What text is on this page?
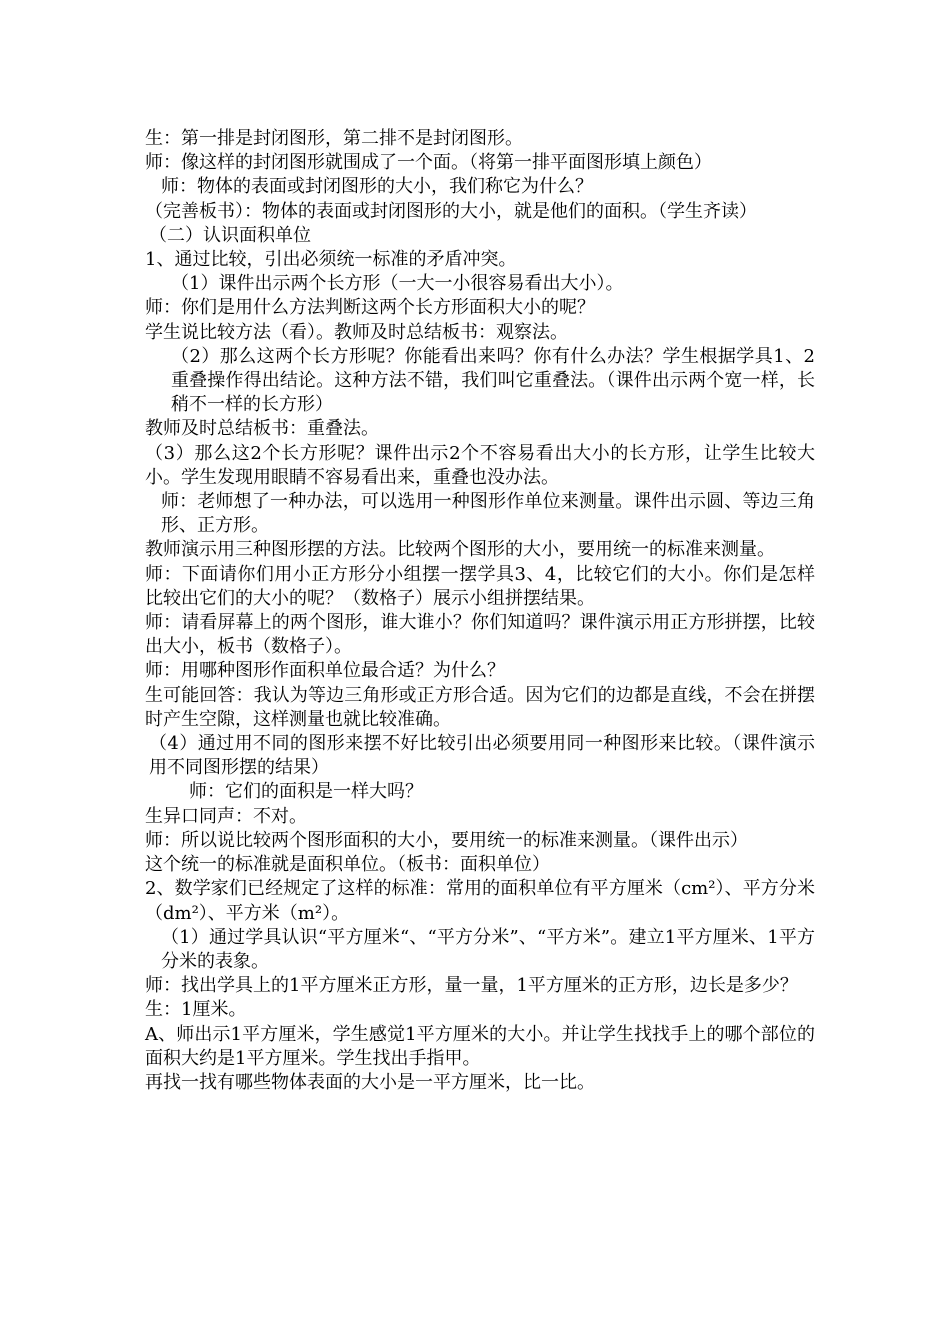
生：第一排是封闭图形，第二排不是封闭图形。

师：像这样的封闭图形就围成了一个面。（将第一排平面图形填上颜色）

师：物体的表面或封闭图形的大小，我们称它为什么？

（完善板书）：物体的表面或封闭图形的大小，就是他们的面积。（学生齐读）

（二）认识面积单位

1、通过比较，引出必须统一标准的矛盾冲突。

（1）课件出示两个长方形（一大一小很容易看出大小）。

师：你们是用什么方法判断这两个长方形面积大小的呢？

学生说比较方法（看）。教师及时总结板书：观察法。

（2）那么这两个长方形呢？你能看出来吗？你有什么办法？学生根据学具1、2重叠操作得出结论。这种方法不错，我们叫它重叠法。（课件出示两个宽一样，长稍不一样的长方形）

教师及时总结板书：重叠法。

（3）那么这2个长方形呢？课件出示2个不容易看出大小的长方形，让学生比较大小。学生发现用眼睛不容易看出来，重叠也没办法。

师：老师想了一种办法，可以选用一种图形作单位来测量。课件出示圆、等边三角形、正方形。

教师演示用三种图形摆的方法。比较两个图形的大小，要用统一的标准来测量。

师：下面请你们用小正方形分小组摆一摆学具3、4，比较它们的大小。你们是怎样比较出它们的大小的呢？（数格子）展示小组拼摆结果。

师：请看屏幕上的两个图形，谁大谁小？你们知道吗？课件演示用正方形拼摆，比较出大小，板书（数格子）。

师：用哪种图形作面积单位最合适？为什么？

生可能回答：我认为等边三角形或正方形合适。因为它们的边都是直线，不会在拼摆时产生空隙，这样测量也就比较准确。

（4）通过用不同的图形来摆不好比较引出必须要用同一种图形来比较。（课件演示用不同图形摆的结果）

师：它们的面积是一样大吗？

生异口同声：不对。

师：所以说比较两个图形面积的大小，要用统一的标准来测量。（课件出示）

这个统一的标准就是面积单位。（板书：面积单位）

2、数学家们已经规定了这样的标准：常用的面积单位有平方厘米（cm²）、平方分米（dm²）、平方米（m²）。

（1）通过学具认识“平方厘米“、“平方分米”、“平方米”。建立1平方厘米、1平方分米的表象。

师：找出学具上的1平方厘米正方形，量一量，1平方厘米的正方形，边长是多少？

生：1厘米。

A、师出示1平方厘米，学生感觉1平方厘米的大小。并让学生找找手上的哪个部位的面积大约是1平方厘米。学生找出手指甲。

再找一找有哪些物体表面的大小是一平方厘米，比一比。
